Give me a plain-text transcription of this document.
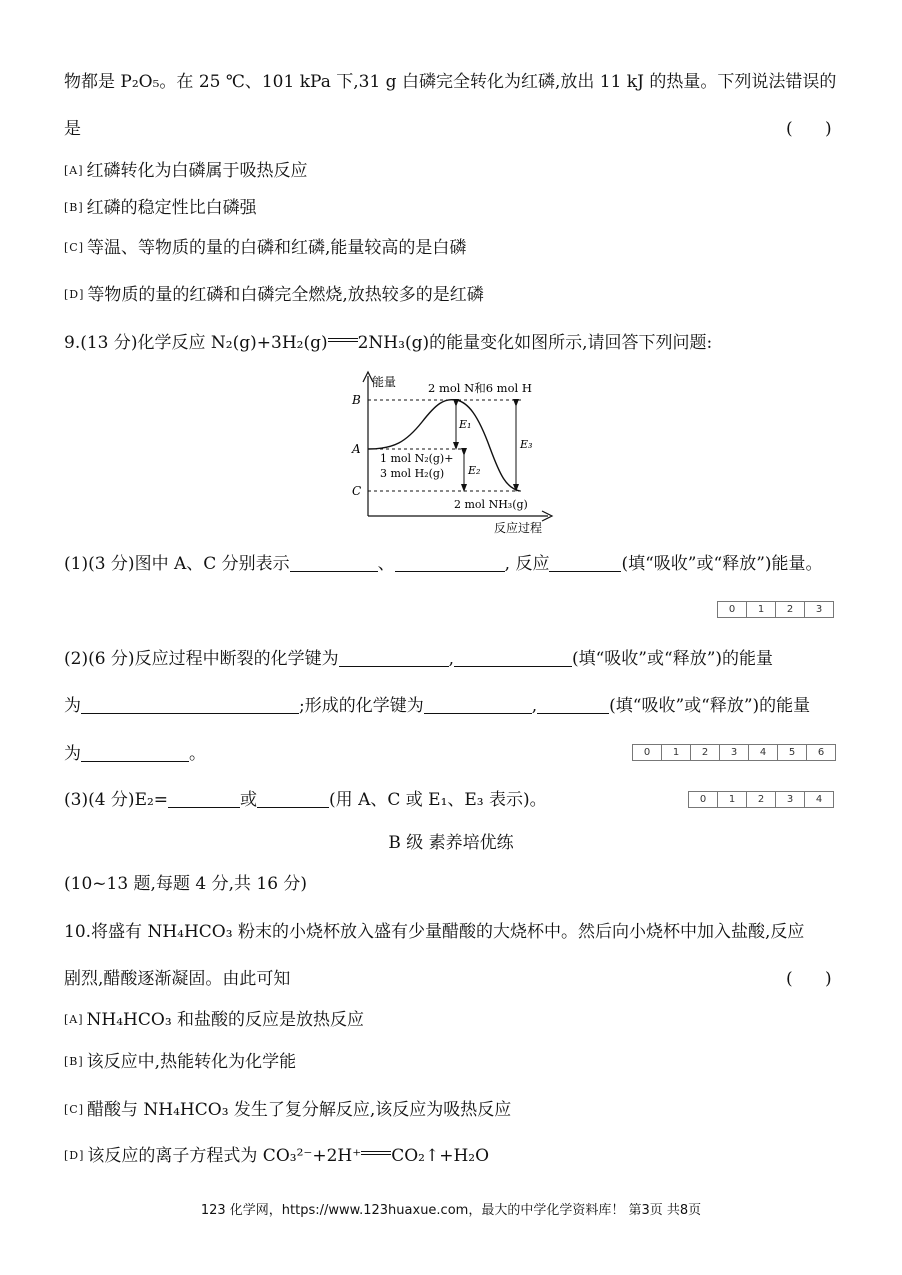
物都是 P₂O₅。在 25 ℃、101 kPa 下,31 g 白磷完全转化为红磷,放出 11 kJ 的热量。下列说法错误的
是	(      )
[A] 红磷转化为白磷属于吸热反应
[B] 红磷的稳定性比白磷强
[C] 等温、等物质的量的白磷和红磷,能量较高的是白磷
[D] 等物质的量的红磷和白磷完全燃烧,放热较多的是红磷
9.(13 分)化学反应 N₂(g)+3H₂(g) 2NH₃(g)的能量变化如图所示,请回答下列问题:
能量
B
A
C
2 mol N和6 mol H
1 mol N₂(g)+
3 mol H₂(g)
2 mol NH₃(g)
E₁
E₂
E₃
反应过程
(1)(3 分)图中 A、C 分别表示	、	, 反应	(填“吸收”或“释放”)能量。
0	1	2	3
(2)(6 分)反应过程中断裂的化学键为	,	(填“吸收”或“释放”)的能量
为	;形成的化学键为	,	(填“吸收”或“释放”)的能量
为	。	0	1	2	3	4	5	6
(3)(4 分)E₂=	或	(用 A、C 或 E₁、E₃ 表示)。	0	1	2	3	4
B 级 素养培优练
(10~13 题,每题 4 分,共 16 分)
10.将盛有 NH₄HCO₃ 粉末的小烧杯放入盛有少量醋酸的大烧杯中。然后向小烧杯中加入盐酸,反应
剧烈,醋酸逐渐凝固。由此可知	(      )
[A] NH₄HCO₃ 和盐酸的反应是放热反应
[B] 该反应中,热能转化为化学能
[C] 醋酸与 NH₄HCO₃ 发生了复分解反应,该反应为吸热反应
[D] 该反应的离子方程式为 CO₃²⁻+2H⁺ CO₂↑+H₂O
123 化学网，https://www.123huaxue.com，最大的中学化学资料库！ 第3页 共8页
